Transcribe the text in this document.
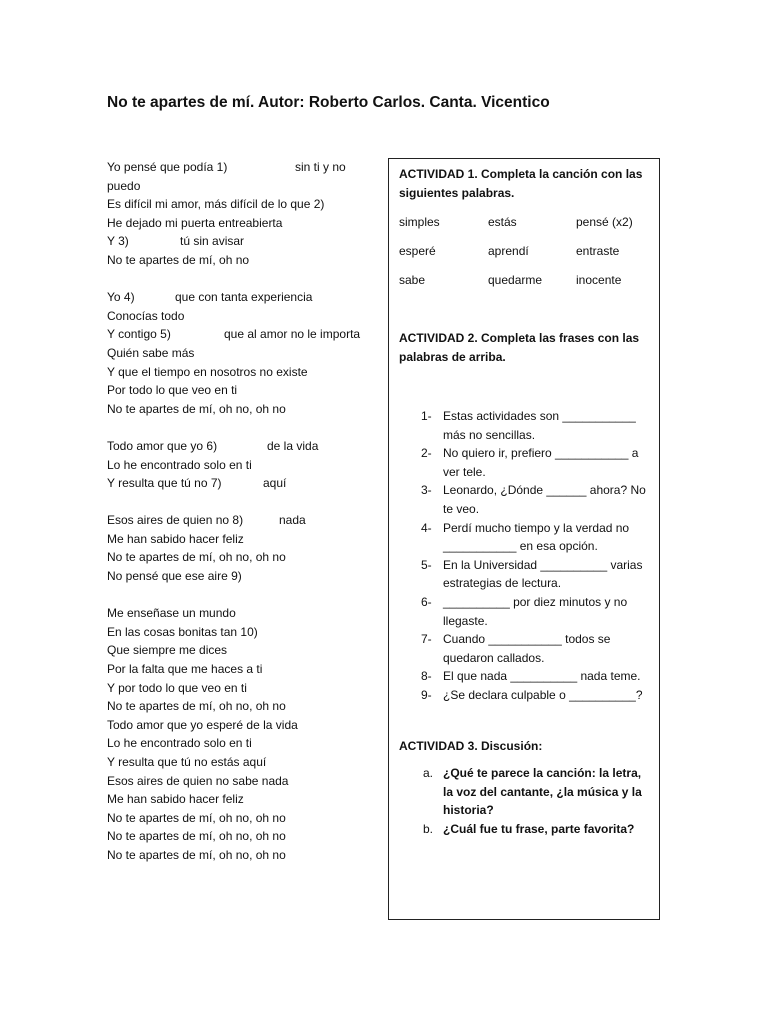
No te apartes de mí. Autor: Roberto Carlos. Canta. Vicentico
Yo pensé que podía 1)	sin ti y no
puedo
Es difícil mi amor, más difícil de lo que 2)
He dejado mi puerta entreabierta
Y 3)	tú sin avisar
No te apartes de mí, oh no
Yo 4)	que con tanta experiencia
Conocías todo
Y contigo 5)	que al amor no le importa
Quién sabe más
Y que el tiempo en nosotros no existe
Por todo lo que veo en ti
No te apartes de mí, oh no, oh no
Todo amor que yo 6)	de la vida
Lo he encontrado solo en ti
Y resulta que tú no 7)	aquí
Esos aires de quien no 8)	nada
Me han sabido hacer feliz
No te apartes de mí, oh no, oh no
No pensé que ese aire 9)
Me enseñase un mundo
En las cosas bonitas tan 10)
Que siempre me dices
Por la falta que me haces a ti
Y por todo lo que veo en ti
No te apartes de mí, oh no, oh no
Todo amor que yo esperé de la vida
Lo he encontrado solo en ti
Y resulta que tú no estás aquí
Esos aires de quien no sabe nada
Me han sabido hacer feliz
No te apartes de mí, oh no, oh no
No te apartes de mí, oh no, oh no
No te apartes de mí, oh no, oh no
ACTIVIDAD 1. Completa la canción con las siguientes palabras.
simples	estás	pensé (x2)
esperé	aprendí	entraste
sabe	quedarme	inocente
ACTIVIDAD 2. Completa las frases con las palabras de arriba.
1- Estas actividades son ___________ más no sencillas.
2- No quiero ir, prefiero ___________ a ver tele.
3- Leonardo, ¿Dónde ______ ahora? No te veo.
4- Perdí mucho tiempo y la verdad no ___________ en esa opción.
5- En la Universidad __________ varias estrategias de lectura.
6- __________ por diez minutos y no llegaste.
7- Cuando ___________ todos se quedaron callados.
8- El que nada __________ nada teme.
9- ¿Se declara culpable o __________?
ACTIVIDAD 3. Discusión:
a. ¿Qué te parece la canción: la letra, la voz del cantante, ¿la música y la historia?
b. ¿Cuál fue tu frase, parte favorita?
